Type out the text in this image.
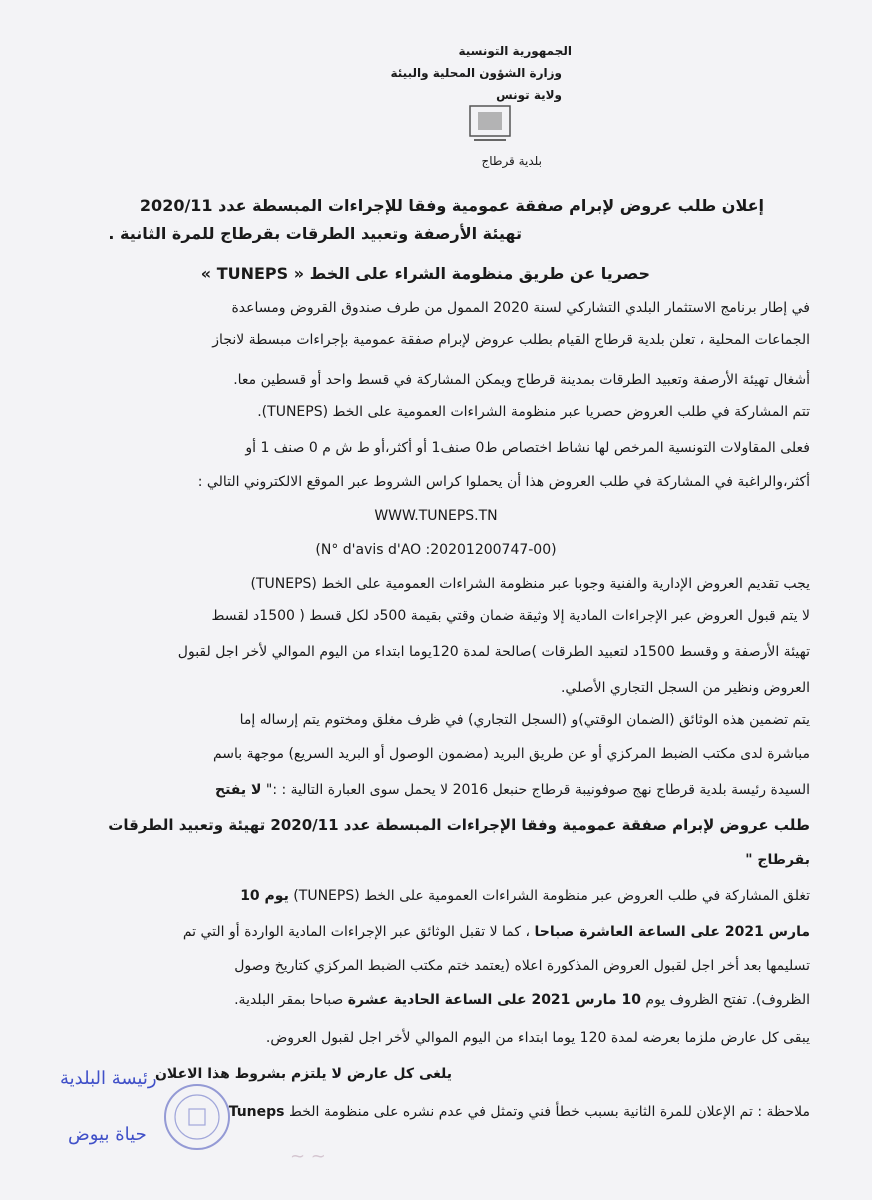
الجمهورية التونسية
وزارة الشؤون المحلية والبيئة
ولاية تونس
بلدية قرطاج
إعلان طلب عروض لإبرام صفقة عمومية وفقا للإجراءات المبسطة عدد 2020/11
تهيئة الأرصفة وتعبيد الطرقات بقرطاج للمرة الثانية .
حصريا عن طريق منظومة الشراء على الخط « TUNEPS »
في إطار برنامج الاستثمار البلدي التشاركي لسنة 2020 الممول من طرف صندوق القروض ومساعدة
الجماعات المحلية ، تعلن بلدية قرطاج القيام بطلب عروض لإبرام صفقة عمومية بإجراءات مبسطة لانجاز
أشغال تهيئة الأرصفة وتعبيد الطرقات بمدينة قرطاج ويمكن المشاركة في قسط واحد أو قسطين معا.
تتم المشاركة في طلب العروض حصريا عبر منظومة الشراءات العمومية على الخط (TUNEPS).
فعلى المقاولات التونسية المرخص لها نشاط اختصاص ط0 صنف1 أو أكثر،أو ط ش م 0 صنف 1 أو
أكثر،والراغبة في المشاركة في طلب العروض هذا أن يحملوا كراس الشروط عبر الموقع الالكتروني التالي :
WWW.TUNEPS.TN
(N° d'avis d'AO :20201200747-00)
يجب تقديم العروض الإدارية والفنية وجوبا عبر منظومة الشراءات العمومية على الخط (TUNEPS)
لا يتم قبول العروض عبر الإجراءات المادية إلا وثيقة ضمان وقتي بقيمة 500د لكل قسط ( 1500د لقسط
تهيئة الأرصفة و وقسط 1500د لتعبيد الطرقات )صالحة لمدة 120يوما ابتداء من اليوم الموالي لأخر اجل لقبول
العروض ونظير من السجل التجاري الأصلي.
يتم تضمين هذه الوثائق (الضمان الوقتي)و (السجل التجاري) في ظرف مغلق ومختوم يتم إرساله إما
مباشرة لدى مكتب الضبط المركزي أو عن طريق البريد (مضمون الوصول أو البريد السريع) موجهة باسم
السيدة رئيسة بلدية قرطاج نهج صوفونيبة قرطاج حنبعل 2016 لا يحمل سوى العبارة التالية : :" لا يفتح
طلب عروض لإبرام صفقة عمومية وفقا الإجراءات المبسطة عدد 2020/11 تهيئة وتعبيد الطرقات
بقرطاج "
تغلق المشاركة في طلب العروض عبر منظومة الشراءات العمومية على الخط (TUNEPS) يوم 10
مارس 2021 على الساعة العاشرة صباحا ، كما لا تقبل الوثائق عبر الإجراءات المادية الواردة أو التي تم
تسليمها بعد أخر اجل لقبول العروض المذكورة اعلاه (يعتمد ختم مكتب الضبط المركزي كتاريخ وصول
الظروف). تفتح الظروف يوم 10 مارس 2021 على الساعة الحادية عشرة صباحا بمقر البلدية.
يبقى كل عارض ملزما بعرضه لمدة 120 يوما ابتداء من اليوم الموالي لأخر اجل لقبول العروض.
يلغى كل عارض لا يلتزم بشروط هذا الاعلان
ملاحظة : تم الإعلان للمرة الثانية بسبب خطأ فني وتمثل في عدم نشره على منظومة الخط Tuneps
رئيسة البلدية
حياة بيوض
~ ~
